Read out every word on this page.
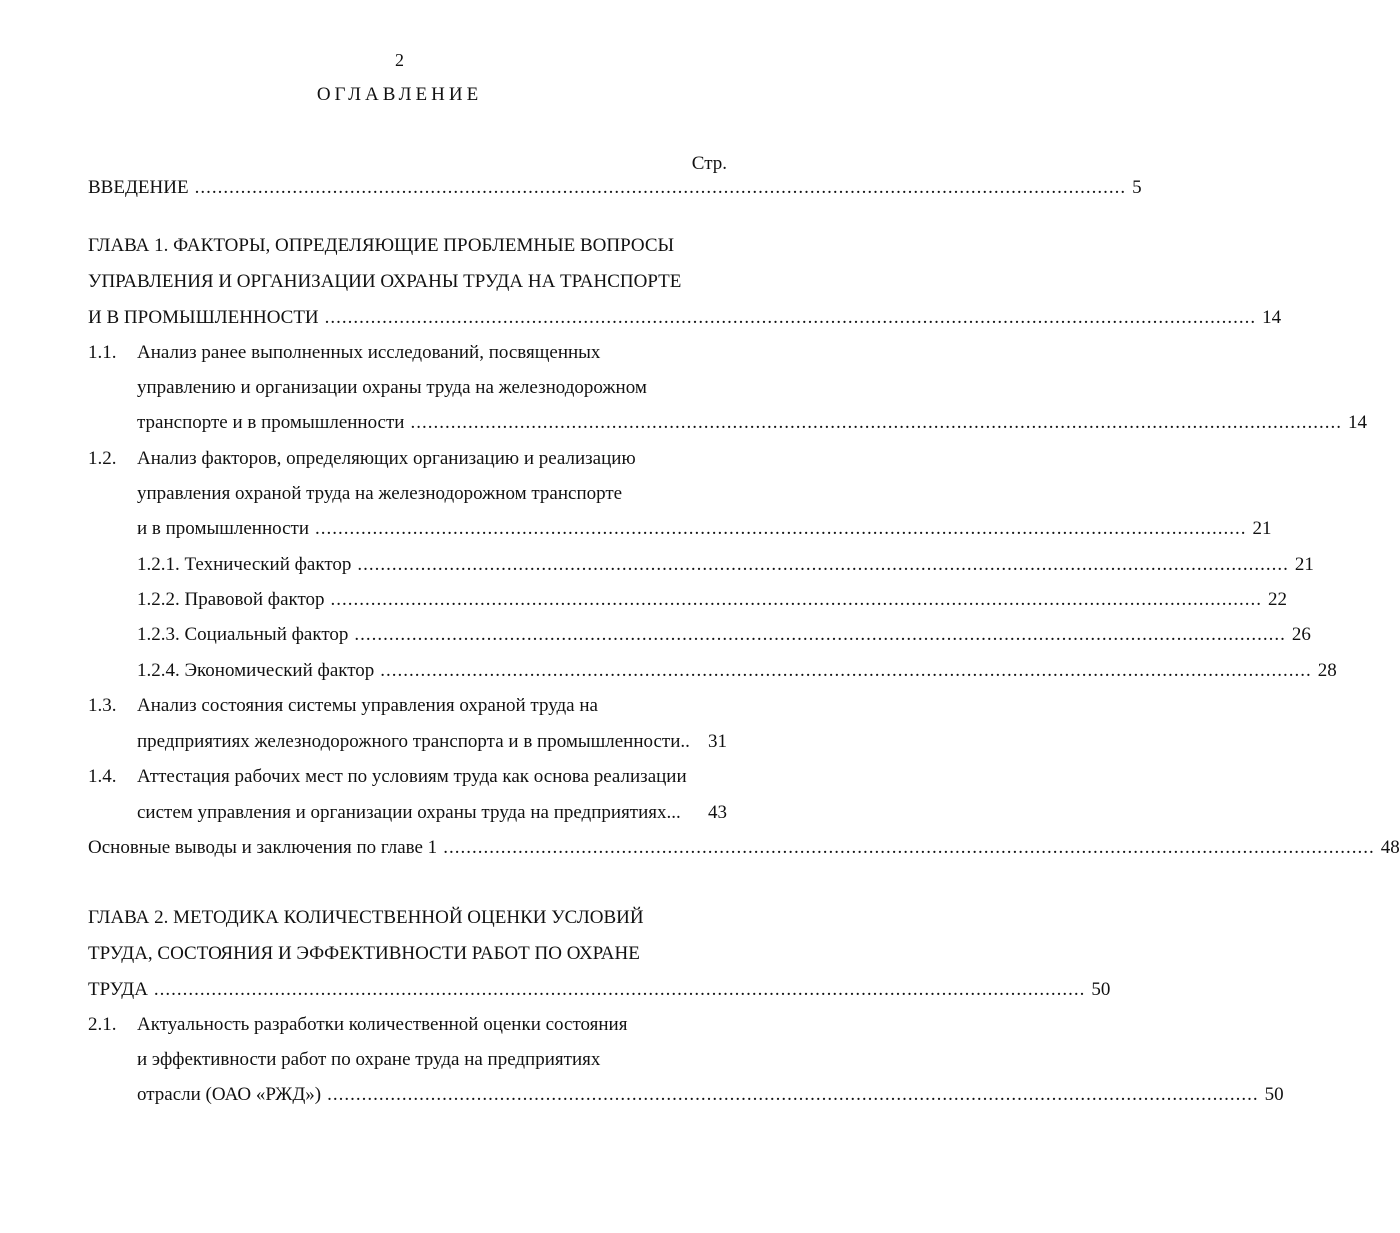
2
ОГЛАВЛЕНИЕ
Стр.
ВВЕДЕНИЕ .................................................................................................................................................................. 5
ГЛАВА 1. ФАКТОРЫ, ОПРЕДЕЛЯЮЩИЕ ПРОБЛЕМНЫЕ ВОПРОСЫ
УПРАВЛЕНИЯ И ОРГАНИЗАЦИИ ОХРАНЫ ТРУДА НА ТРАНСПОРТЕ
И В ПРОМЫШЛЕННОСТИ .................................................................................................................................................................. 14
1.1. Анализ ранее выполненных исследований, посвященных
управлению и организации охраны труда на железнодорожном
транспорте и в промышленности .................................................................................................................................................................. 14
1.2. Анализ факторов, определяющих организацию и реализацию
управления охраной труда на железнодорожном транспорте
и в промышленности .................................................................................................................................................................. 21
1.2.1. Технический фактор .................................................................................................................................................................. 21
1.2.2. Правовой фактор .................................................................................................................................................................. 22
1.2.3. Социальный фактор .................................................................................................................................................................. 26
1.2.4. Экономический фактор .................................................................................................................................................................. 28
1.3. Анализ состояния системы управления охраной труда на
предприятиях железнодорожного транспорта и в промышленности.. 31
1.4. Аттестация рабочих мест по условиям труда как основа реализации
систем управления и организации охраны труда на предприятиях...	43
Основные выводы и заключения по главе 1 .................................................................................................................................................................. 48
ГЛАВА 2. МЕТОДИКА КОЛИЧЕСТВЕННОЙ ОЦЕНКИ УСЛОВИЙ
ТРУДА, СОСТОЯНИЯ И ЭФФЕКТИВНОСТИ РАБОТ ПО ОХРАНЕ
ТРУДА .................................................................................................................................................................. 50
2.1. Актуальность разработки количественной оценки состояния
и эффективности работ по охране труда на предприятиях
отрасли (ОАО «РЖД») .................................................................................................................................................................. 50
